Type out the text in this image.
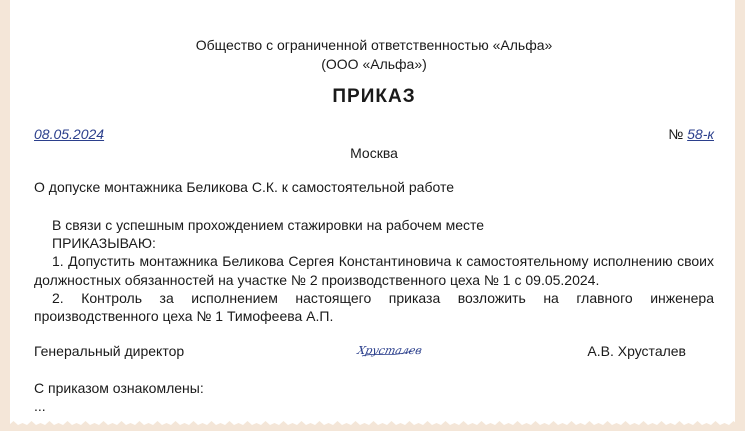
Общество с ограниченной ответственностью «Альфа»
(ООО «Альфа»)
ПРИКАЗ
08.05.2024	№ 58-к
Москва
О допуске монтажника Беликова С.К. к самостоятельной работе

В связи с успешным прохождением стажировки на рабочем месте

ПРИКАЗЫВАЮ:

1. Допустить монтажника Беликова Сергея Константиновича к самостоятельному исполнению своих должностных обязанностей на участке № 2 производственного цеха № 1 с 09.05.2024.

2. Контроль за исполнением настоящего приказа возложить на главного инженера производственного цеха № 1 Тимофеева А.П.

Генеральный директор	Хрусталев	А.В. Хрусталев
С приказом ознакомлены:
...
